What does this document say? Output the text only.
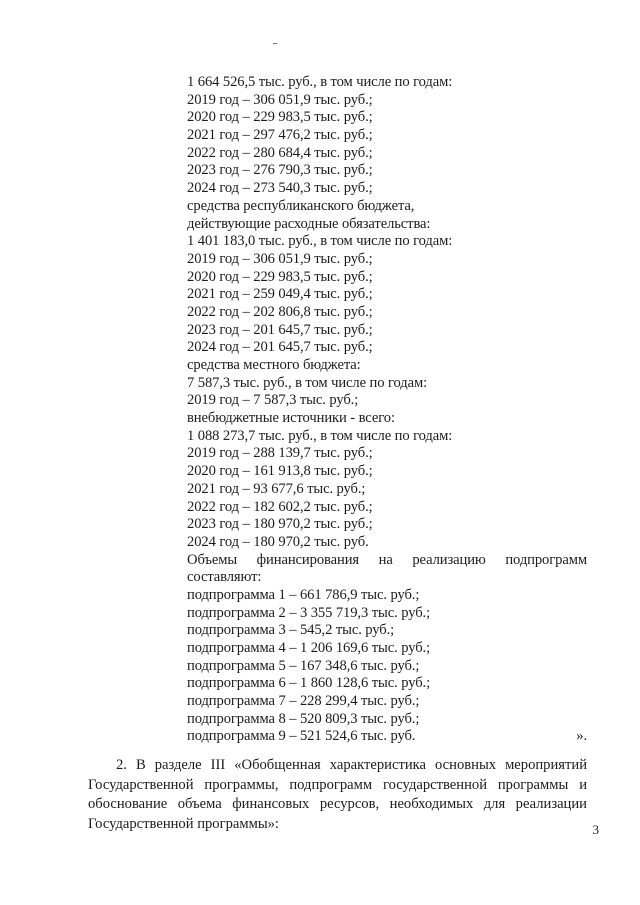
1 664 526,5 тыс. руб., в том числе по годам:
2019 год – 306 051,9 тыс. руб.;
2020 год – 229 983,5 тыс. руб.;
2021 год – 297 476,2 тыс. руб.;
2022 год – 280 684,4 тыс. руб.;
2023 год – 276 790,3 тыс. руб.;
2024 год – 273 540,3 тыс. руб.;
средства республиканского бюджета,
действующие расходные обязательства:
1 401 183,0 тыс. руб., в том числе по годам:
2019 год – 306 051,9 тыс. руб.;
2020 год – 229 983,5 тыс. руб.;
2021 год – 259 049,4 тыс. руб.;
2022 год – 202 806,8 тыс. руб.;
2023 год – 201 645,7 тыс. руб.;
2024 год – 201 645,7 тыс. руб.;
средства местного бюджета:
7 587,3 тыс. руб., в том числе по годам:
2019 год – 7 587,3 тыс. руб.;
внебюджетные источники - всего:
1 088 273,7 тыс. руб., в том числе по годам:
2019 год – 288 139,7 тыс. руб.;
2020 год – 161 913,8 тыс. руб.;
2021 год – 93 677,6 тыс. руб.;
2022 год – 182 602,2 тыс. руб.;
2023 год – 180 970,2 тыс. руб.;
2024 год – 180 970,2 тыс. руб.
Объемы финансирования на реализацию подпрограмм
составляют:
подпрограмма 1 – 661 786,9 тыс. руб.;
подпрограмма 2 – 3 355 719,3 тыс. руб.;
подпрограмма 3 – 545,2 тыс. руб.;
подпрограмма 4 – 1 206 169,6 тыс. руб.;
подпрограмма 5 – 167 348,6 тыс. руб.;
подпрограмма 6 – 1 860 128,6 тыс. руб.;
подпрограмма 7 – 228 299,4 тыс. руб.;
подпрограмма 8 – 520 809,3 тыс. руб.;
подпрограмма 9 – 521 524,6 тыс. руб.	».
2. В разделе III «Обобщенная характеристика основных мероприятий
Государственной программы, подпрограмм государственной программы и
обоснование объема финансовых ресурсов, необходимых для реализации
Государственной программы»:	3
